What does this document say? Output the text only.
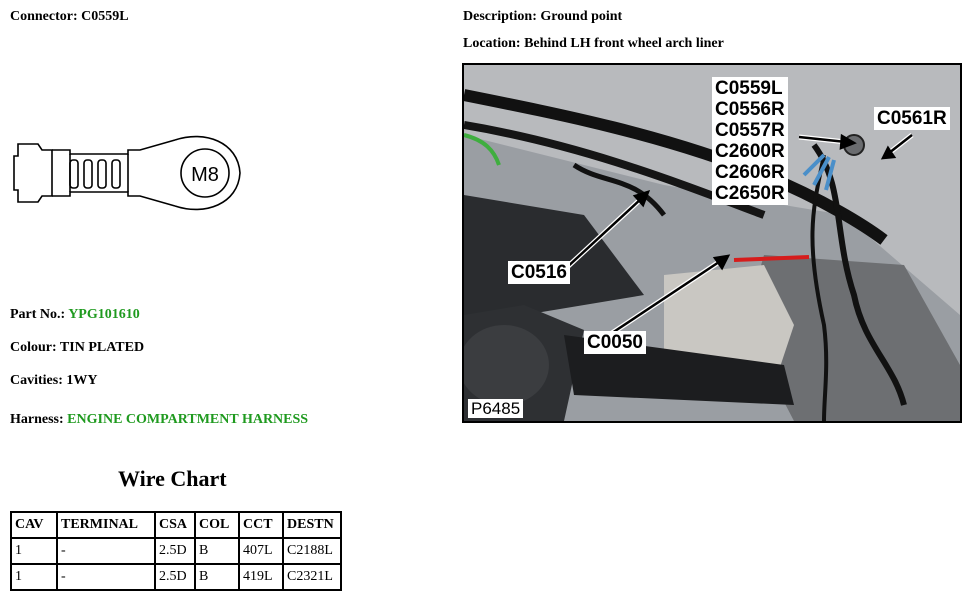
Connector: C0559L	Description: Ground point
Location: Behind LH front wheel arch liner
M8
Part No.: YPG101610
Colour: TIN PLATED
Cavities: 1WY
Harness: ENGINE COMPARTMENT HARNESS
C0559L
C0556R
C0557R
C2600R
C2606R
C2650R
C0561R
C0516
C0050
P6485
Wire Chart
CAV	TERMINAL	CSA	COL	CCT	DESTN
1	-	2.5D	B	407L	C2188L
1	-	2.5D	B	419L	C2321L
